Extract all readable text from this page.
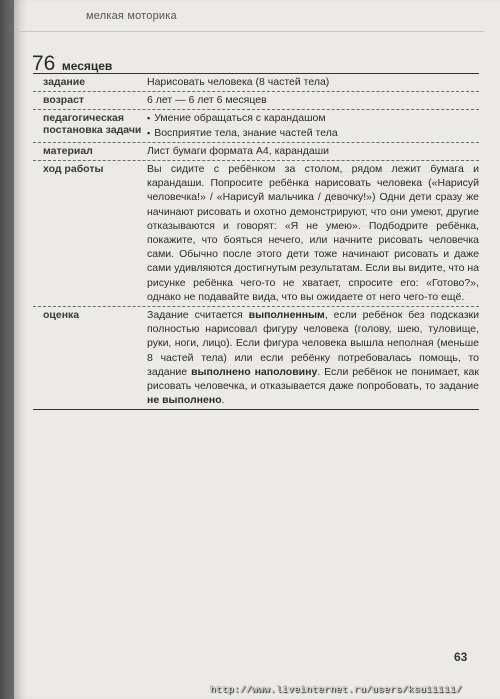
мелкая моторика
76 месяцев
задание	Нарисовать человека (8 частей тела)
возраст	6 лет — 6 лет 6 месяцев
педагогическая постановка задачи
▪ Умение обращаться с карандашом
▪ Восприятие тела, знание частей тела
материал	Лист бумаги формата А4, карандаши
ход работы	Вы сидите с ребёнком за столом, рядом лежит бумага и карандаши. Попросите ребёнка нарисовать человека («Нарисуй человечка!» / «Нарисуй мальчика / девочку!») Одни дети сразу же начинают рисовать и охотно демонстрируют, что они умеют, другие отказываются и говорят: «Я не умею». Подбодрите ребёнка, покажите, что бояться нечего, или начните рисовать человечка сами. Обычно после этого дети тоже начинают рисовать и даже сами удивляются достигнутым результатам. Если вы видите, что на рисунке ребёнка чего-то не хватает, спросите его: «Готово?», однако не подавайте вида, что вы ожидаете от него чего-то ещё.
оценка	Задание считается выполненным, если ребёнок без подсказки полностью нарисовал фигуру человека (голову, шею, туловище, руки, ноги, лицо). Если фигура человека вышла неполная (меньше 8 частей тела) или если ребёнку потребовалась помощь, то задание выполнено наполовину. Если ребёнок не понимает, как рисовать человечка, и отказывается даже попробовать, то задание не выполнено.
63
http://www.liveinternet.ru/users/ksu11111/
